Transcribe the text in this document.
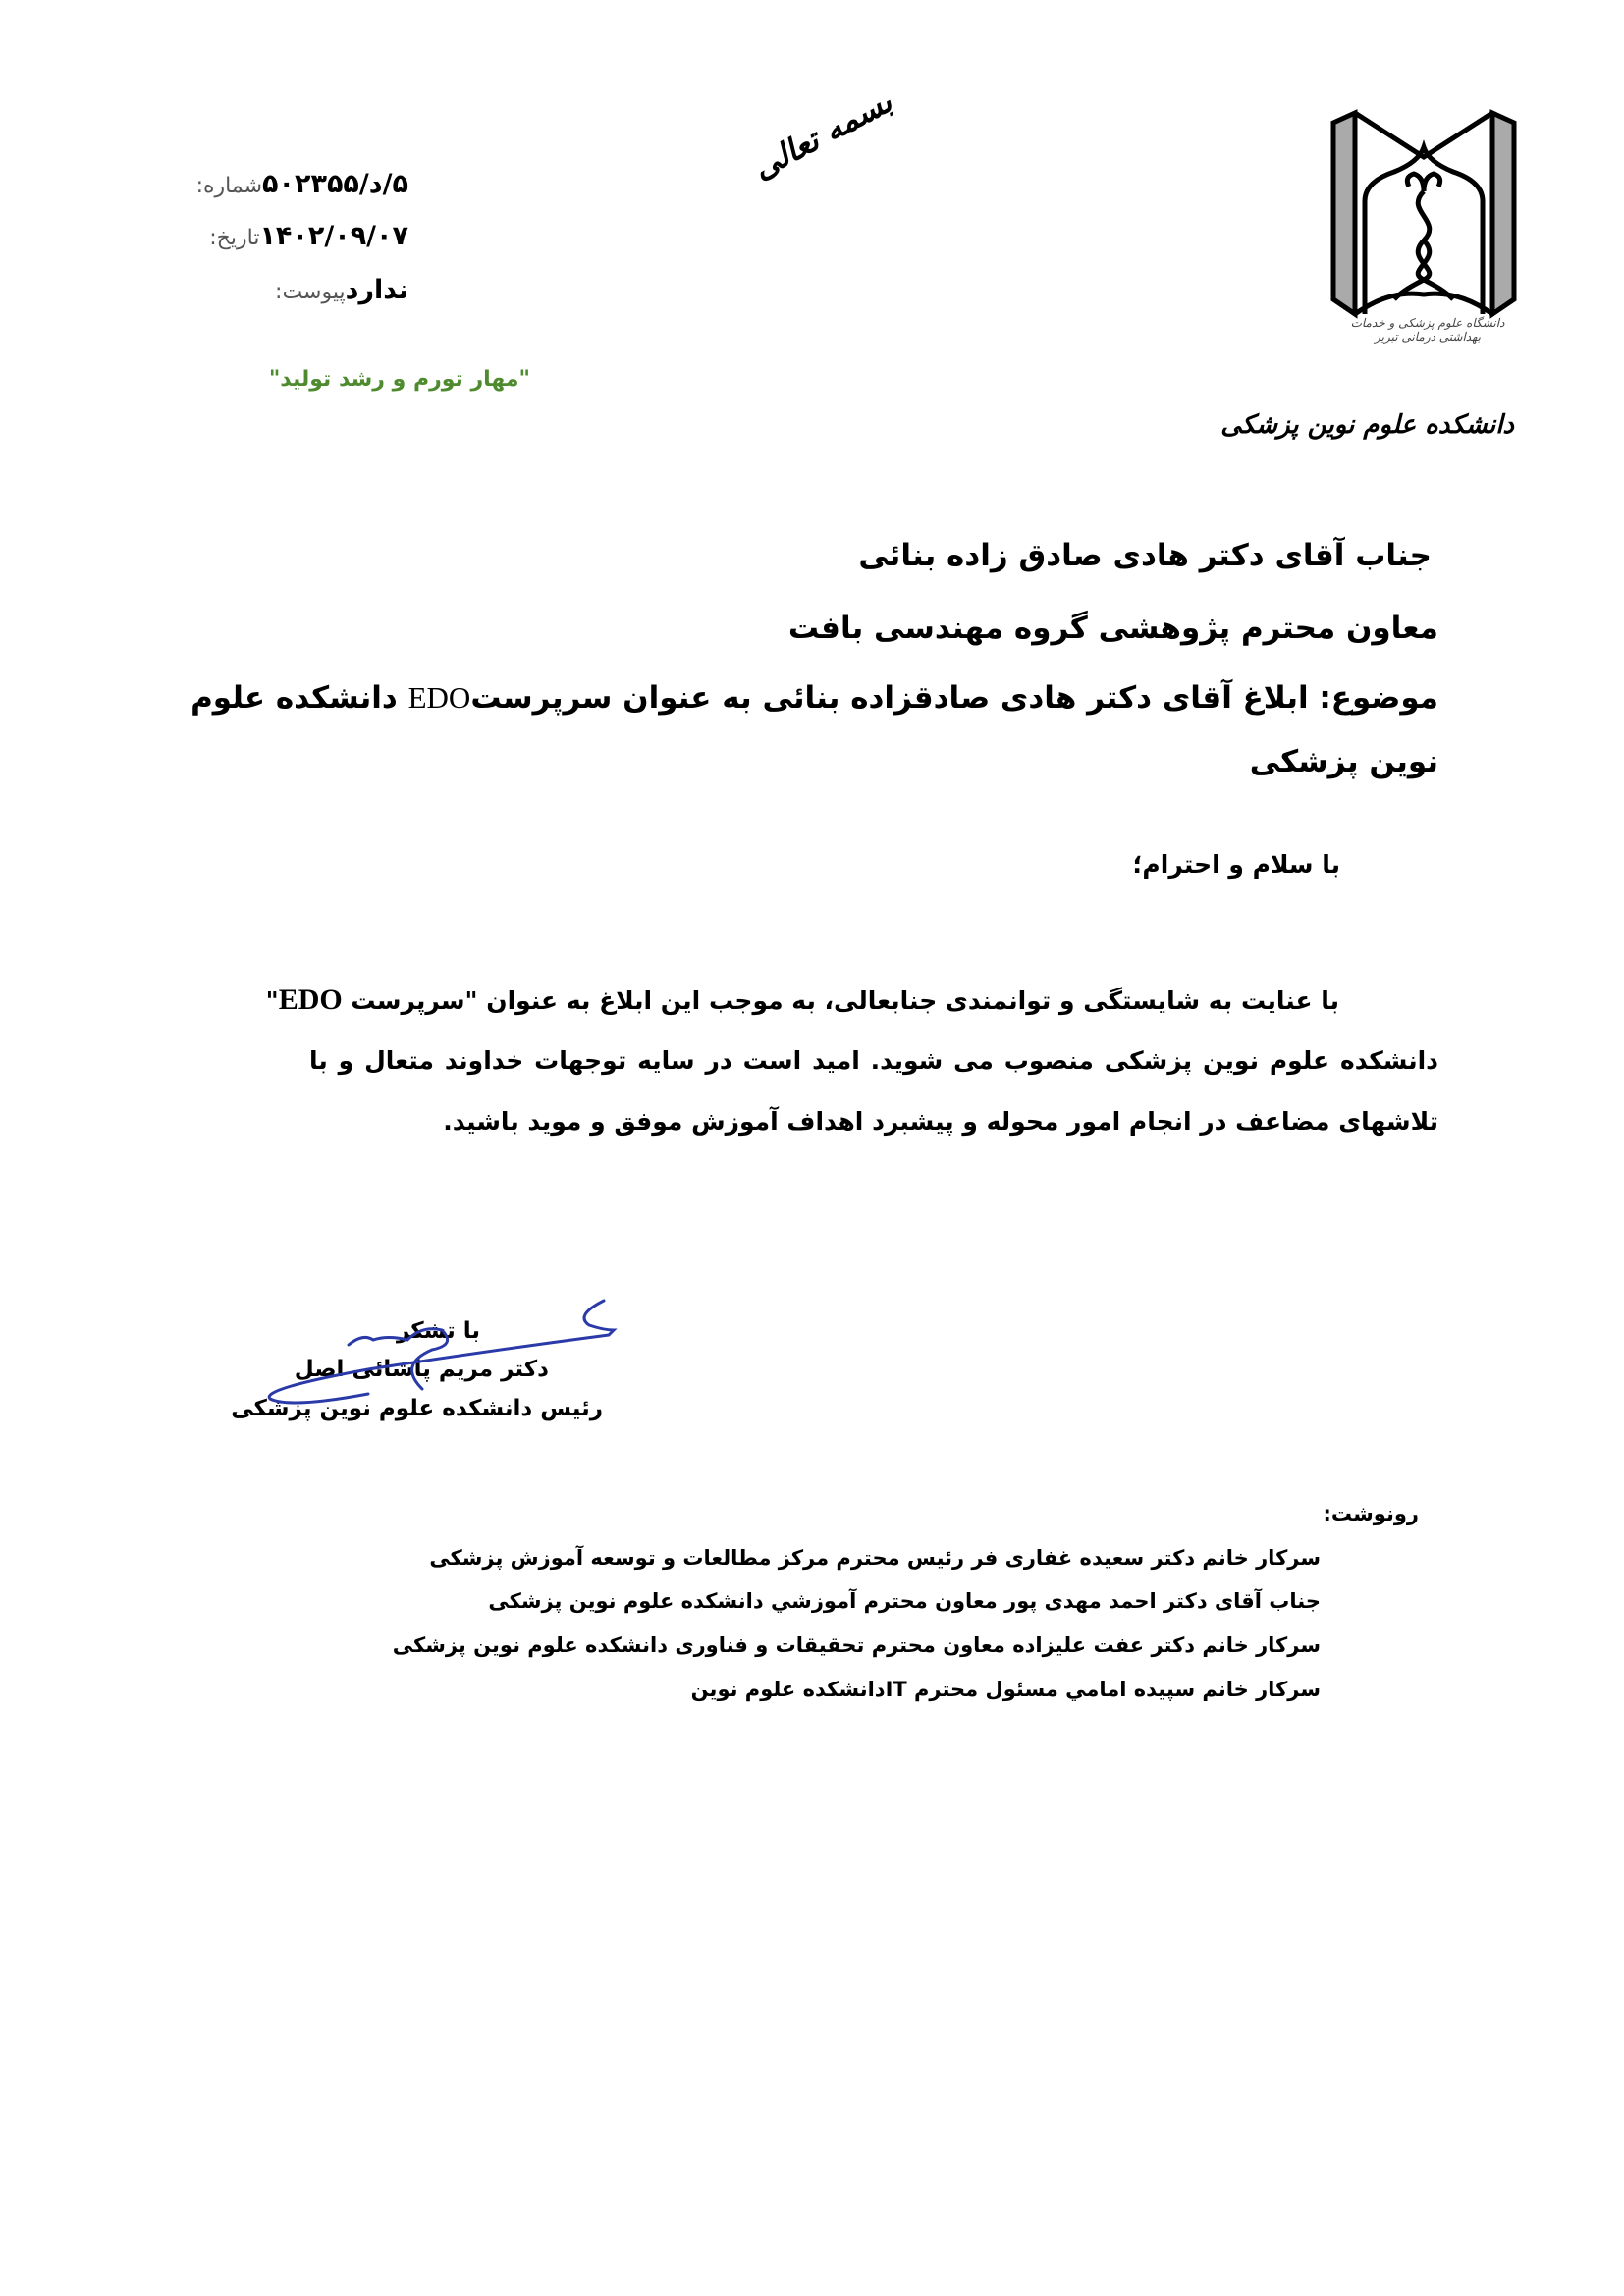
بسمه تعالی
دانشگاه علوم پزشکی و خدمات بهداشتی درمانی تبریز
دانشکده علوم نوین پزشکی
شماره: ۵/د/۵۰۲۳۵۵
تاریخ: ۱۴۰۲/۰۹/۰۷
پیوست: ندارد
"مهار تورم و رشد تولید"
جناب آقای دکتر هادی صادق زاده بنائی
معاون محترم پژوهشی گروه مهندسی بافت
موضوع: ابلاغ آقای دکتر هادی صادقزاده بنائی به عنوان سرپرستEDO دانشکده علوم
نوین پزشکی
با سلام و احترام؛
با عنایت به شایستگی و توانمندی جنابعالی، به موجب این ابلاغ به عنوان "سرپرست EDO"
دانشکده علوم نوین پزشکی منصوب می شوید. امید است در سایه توجهات خداوند متعال و با
تلاشهای مضاعف در انجام امور محوله و پیشبرد اهداف آموزش موفق و موید باشید.
با تشکر
دکتر مریم پاشائی اصل
رئیس دانشکده علوم نوین پزشکی
رونوشت:
سرکار خانم دکتر سعیده غفاری فر رئیس محترم مرکز مطالعات و توسعه آموزش پزشکی
جناب آقای دکتر احمد مهدی پور معاون محترم آموزشي دانشکده علوم نوین پزشکی
سرکار خانم دکتر عفت علیزاده معاون محترم تحقیقات و فناوری دانشکده علوم نوین پزشکی
سرکار خانم سپیده امامي مسئول محترم ITدانشکده علوم نوین
